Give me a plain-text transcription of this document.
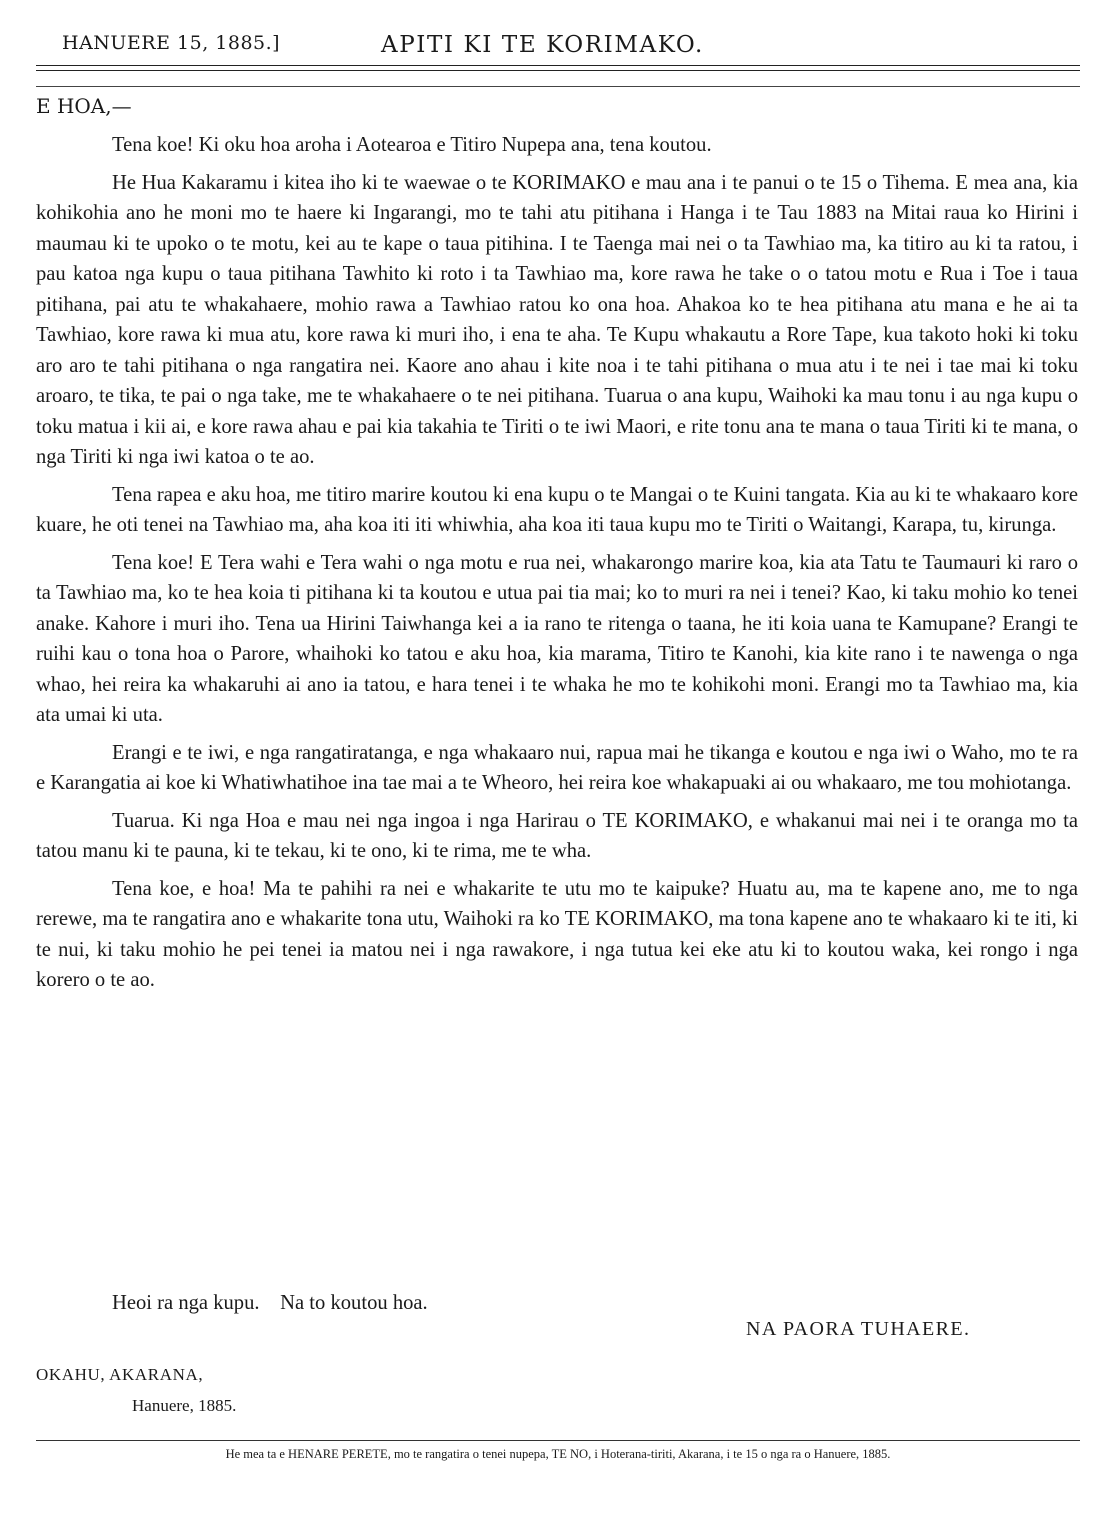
HANUERE 15, 1885.]	APITI KI TE KORIMAKO.
E HOA,—

Tena koe! Ki oku hoa aroha i Aotearoa e Titiro Nupepa ana, tena koutou.

He Hua Kakaramu i kitea iho ki te waewae o te KORIMAKO e mau ana i te panui o te 15 o Tihema. E mea ana, kia kohikohia ano he moni mo te haere ki Ingarangi, mo te tahi atu pitihana i Hanga i te Tau 1883 na Mitai raua ko Hirini i maumau ki te upoko o te motu, kei au te kape o taua pitihina. I te Taenga mai nei o ta Tawhiao ma, ka titiro au ki ta ratou, i pau katoa nga kupu o taua pitihana Tawhito ki roto i ta Tawhiao ma, kore rawa he take o o tatou motu e Rua i Toe i taua pitihana, pai atu te whakahaere, mohio rawa a Tawhiao ratou ko ona hoa. Ahakoa ko te hea pitihana atu mana e he ai ta Tawhiao, kore rawa ki mua atu, kore rawa ki muri iho, i ena te aha. Te Kupu whakautu a Rore Tape, kua takoto hoki ki toku aro aro te tahi pitihana o nga rangatira nei. Kaore ano ahau i kite noa i te tahi pitihana o mua atu i te nei i tae mai ki toku aroaro, te tika, te pai o nga take, me te whakahaere o te nei pitihana. Tuarua o ana kupu, Waihoki ka mau tonu i au nga kupu o toku matua i kii ai, e kore rawa ahau e pai kia takahia te Tiriti o te iwi Maori, e rite tonu ana te mana o taua Tiriti ki te mana, o nga Tiriti ki nga iwi katoa o te ao.

Tena rapea e aku hoa, me titiro marire koutou ki ena kupu o te Mangai o te Kuini tangata. Kia au ki te whakaaro kore kuare, he oti tenei na Tawhiao ma, aha koa iti iti whiwhia, aha koa iti taua kupu mo te Tiriti o Waitangi, Karapa, tu, kirunga.

Tena koe! E Tera wahi e Tera wahi o nga motu e rua nei, whakarongo marire koa, kia ata Tatu te Taumauri ki raro o ta Tawhiao ma, ko te hea koia ti pitihana ki ta koutou e utua pai tia mai; ko to muri ra nei i tenei? Kao, ki taku mohio ko tenei anake. Kahore i muri iho. Tena ua Hirini Taiwhanga kei a ia rano te ritenga o taana, he iti koia uana te Kamupane? Erangi te ruihi kau o tona hoa o Parore, whaihoki ko tatou e aku hoa, kia marama, Titiro te Kanohi, kia kite rano i te nawenga o nga whao, hei reira ka whakaruhi ai ano ia tatou, e hara tenei i te whaka he mo te kohikohi moni. Erangi mo ta Tawhiao ma, kia ata umai ki uta.

Erangi e te iwi, e nga rangatiratanga, e nga whakaaro nui, rapua mai he tikanga e koutou e nga iwi o Waho, mo te ra e Karangatia ai koe ki Whatiwhatihoe ina tae mai a te Wheoro, hei reira koe whakapuaki ai ou whakaaro, me tou mohiotanga.

Tuarua. Ki nga Hoa e mau nei nga ingoa i nga Harirau o TE KORIMAKO, e whakanui mai nei i te oranga mo ta tatou manu ki te pauna, ki te tekau, ki te ono, ki te rima, me te wha.

Tena koe, e hoa! Ma te pahihi ra nei e whakarite te utu mo te kaipuke? Huatu au, ma te kapene ano, me to nga rerewe, ma te rangatira ano e whakarite tona utu, Waihoki ra ko TE KORIMAKO, ma tona kapene ano te whakaaro ki te iti, ki te nui, ki taku mohio he pei tenei ia matou nei i nga rawakore, i nga tutua kei eke atu ki to koutou waka, kei rongo i nga korero o te ao.

Heoi ra nga kupu.    Na to koutou hoa.
NA PAORA TUHAERE.
OKAHU, AKARANA,
Hanuere, 1885.
He mea ta e HENARE PERETE, mo te rangatira o tenei nupepa, TE NO, i Hoterana-tiriti, Akarana, i te 15 o nga ra o Hanuere, 1885.
